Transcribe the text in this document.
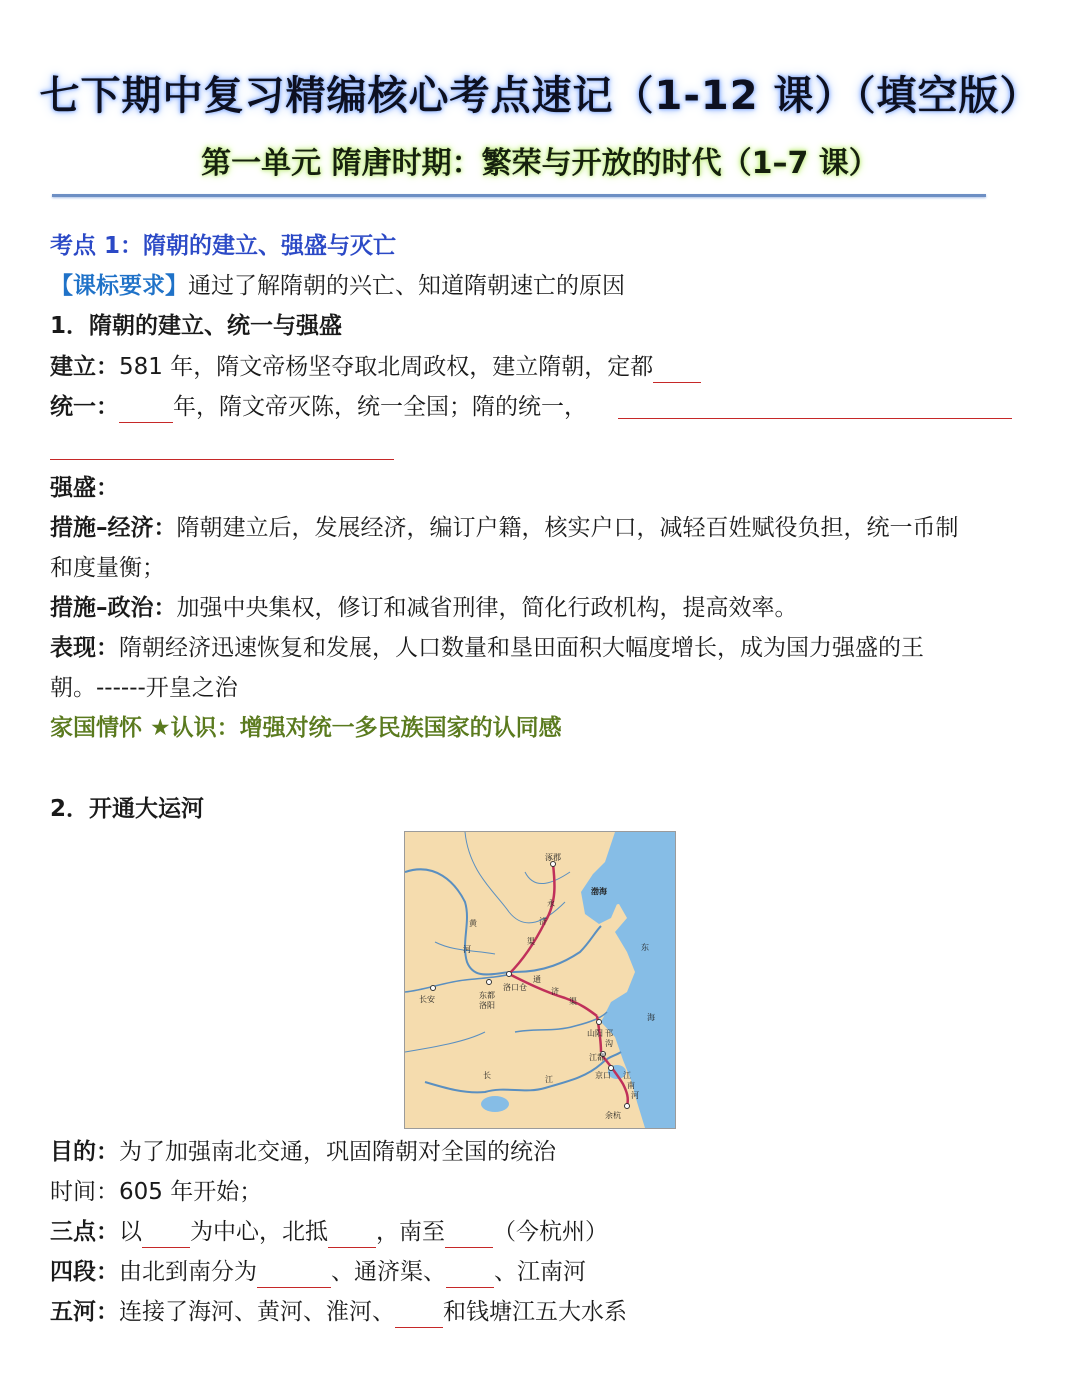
七下期中复习精编核心考点速记（1-12 课）（填空版）
第一单元 隋唐时期：繁荣与开放的时代（1–7 课）
考点 1：隋朝的建立、强盛与灭亡
【课标要求】通过了解隋朝的兴亡、知道隋朝速亡的原因
1．隋朝的建立、统一与强盛
建立：581 年，隋文帝杨坚夺取北周政权，建立隋朝，定都
统一： 年，隋文帝灭陈，统一全国；隋的统一，
强盛：
措施–经济：隋朝建立后，发展经济，编订户籍，核实户口，减轻百姓赋役负担，统一币制
和度量衡；
措施–政治：加强中央集权，修订和减省刑律，简化行政机构，提高效率。
表现：隋朝经济迅速恢复和发展，人口数量和垦田面积大幅度增长，成为国力强盛的王
朝。------开皇之治
家国情怀 ★认识：增强对统一多民族国家的认同感
2．开通大运河
涿郡
渤海
东
海
长安	东都
洛阳
洛口仓
山阳
江都
京口
余杭
永
济
渠
通
济
渠
邗
沟
江
南
河
黄
河
长	江
目的：为了加强南北交通，巩固隋朝对全国的统治
时间：605 年开始；
三点：以 为中心，北抵 ，南至 （今杭州）
四段：由北到南分为	、通济渠、 、江南河
五河：连接了海河、黄河、淮河、 和钱塘江五大水系
